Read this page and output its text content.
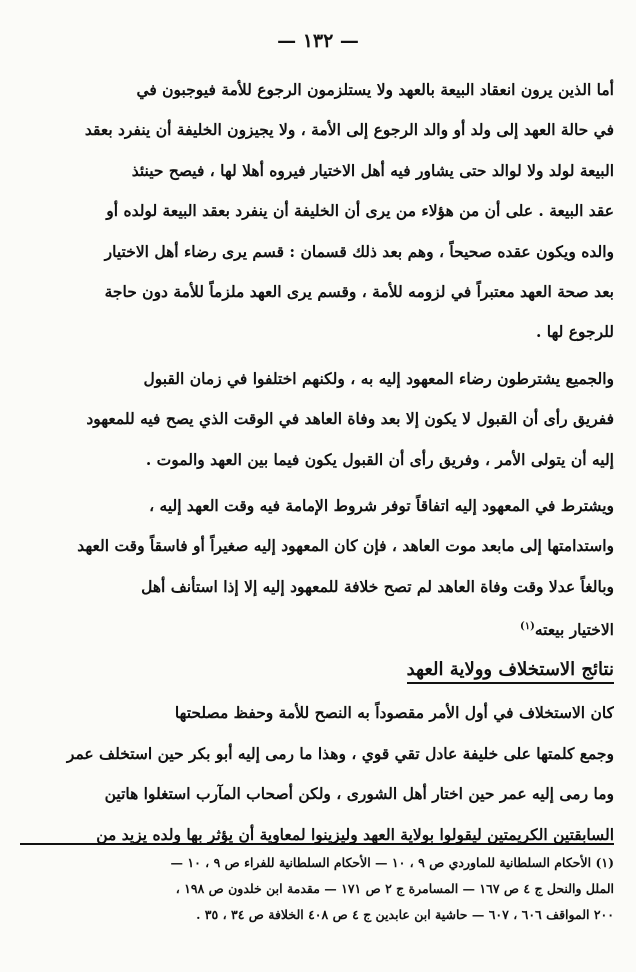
— ١٣٢ —
أما الذين يرون انعقاد البيعة بالعهد ولا يستلزمون الرجوع للأمة فيوجبون في
في حالة العهد إلى ولد أو والد الرجوع إلى الأمة ، ولا يجيزون الخليفة أن ينفرد بعقد
البيعة لولد ولا لوالد حتى يشاور فيه أهل الاختيار فيروه أهلا لها ، فيصح حينئذ
عقد البيعة . على أن من هؤلاء من يرى أن الخليفة أن ينفرد بعقد البيعة لولده أو
والده ويكون عقده صحيحاً ، وهم بعد ذلك قسمان : قسم يرى رضاء أهل الاختيار
بعد صحة العهد معتبراً في لزومه للأمة ، وقسم يرى العهد ملزماً للأمة دون حاجة
للرجوع لها .
والجميع يشترطون رضاء المعهود إليه به ، ولكنهم اختلفوا في زمان القبول
ففريق رأى أن القبول لا يكون إلا بعد وفاة العاهد في الوقت الذي يصح فيه للمعهود
إليه أن يتولى الأمر ، وفريق رأى أن القبول يكون فيما بين العهد والموت .
ويشترط في المعهود إليه اتفاقاً توفر شروط الإمامة فيه وقت العهد إليه ،
واستدامتها إلى مابعد موت العاهد ، فإن كان المعهود إليه صغيراً أو فاسقاً وقت العهد
وبالغاً عدلا وقت وفاة العاهد لم تصح خلافة للمعهود إليه إلا إذا استأنف أهل
الاختيار بيعته$^{(١)}$
نتائج الاستخلاف وولاية العهد
كان الاستخلاف في أول الأمر مقصوداً به النصح للأمة وحفظ مصلحتها
وجمع كلمتها على خليفة عادل تقي قوي ، وهذا ما رمى إليه أبو بكر حين استخلف عمر
وما رمى إليه عمر حين اختار أهل الشورى ، ولكن أصحاب المآرب استغلوا هاتين
السابقتين الكريمتين ليقولوا بولاية العهد وليزينوا لمعاوية أن يؤثر بها ولده يزيد من
(١) الأحكام السلطانية للماوردي ص ٩ ، ١٠ — الأحكام السلطانية للفراء ص ٩ ، ١٠ —
الملل والنحل ج ٤ ص ١٦٧ — المسامرة ج ٢ ص ١٧١ — مقدمة ابن خلدون ص ١٩٨ ،
٢٠٠ المواقف ٦٠٦ ، ٦٠٧ — حاشية ابن عابدين ج ٤ ص ٤٠٨ الخلافة ص ٣٤ ، ٣٥ .
